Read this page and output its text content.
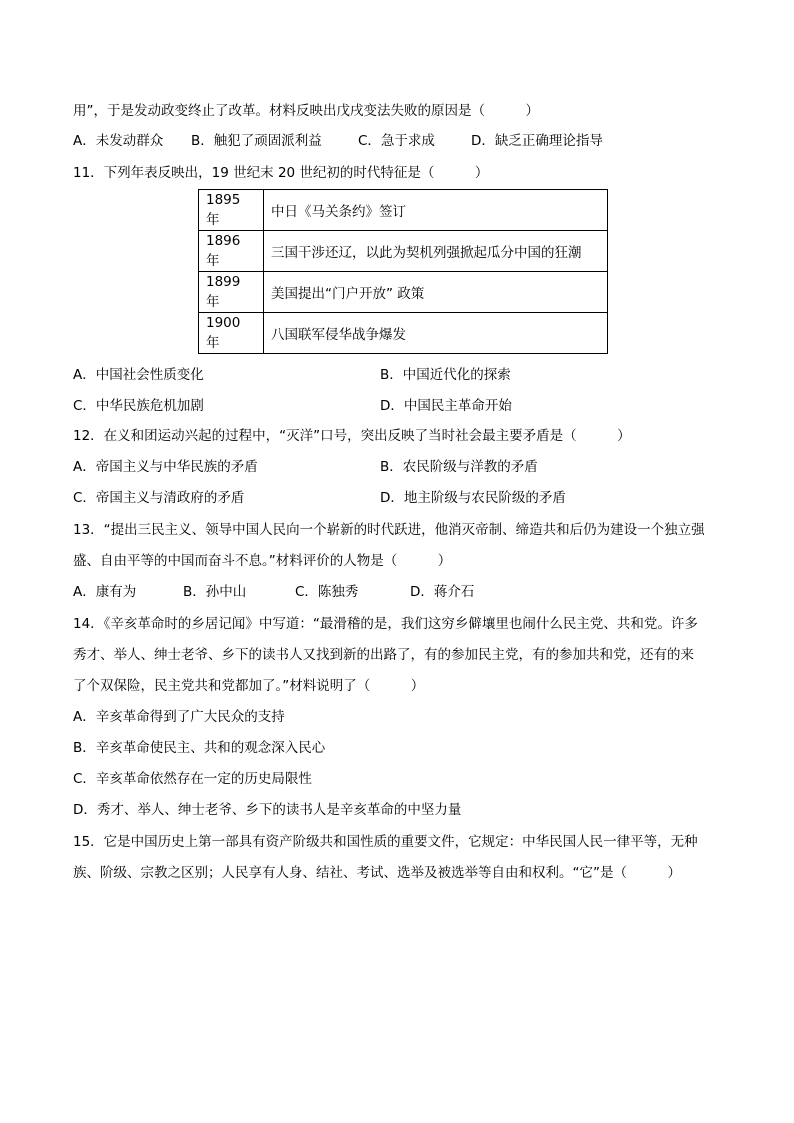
用”，于是发动政变终止了改革。材料反映出戊戌变法失败的原因是（　　　）
A．未发动群众 B．触犯了顽固派利益	C．急于求成	D．缺乏正确理论指导
11．下列年表反映出，19 世纪末 20 世纪初的时代特征是（　　　）
1895 年	中日《马关条约》签订
1896 年	三国干涉还辽，以此为契机列强掀起瓜分中国的狂潮
1899 年	美国提出“门户开放” 政策
1900 年	八国联军侵华战争爆发
A．中国社会性质变化	B．中国近代化的探索
C．中华民族危机加剧	D．中国民主革命开始
12．在义和团运动兴起的过程中，“灭洋”口号，突出反映了当时社会最主要矛盾是（　　　）
A．帝国主义与中华民族的矛盾	B．农民阶级与洋教的矛盾
C．帝国主义与清政府的矛盾	D．地主阶级与农民阶级的矛盾
13．“提出三民主义、领导中国人民向一个崭新的时代跃进，他消灭帝制、缔造共和后仍为建设一个独立强
盛、自由平等的中国而奋斗不息。”材料评价的人物是（　　　）
A．康有为	B．孙中山	C．陈独秀	D．蒋介石
14．《辛亥革命时的乡居记闻》中写道：“最滑稽的是，我们这穷乡僻壤里也闹什么民主党、共和党。许多
秀才、举人、绅士老爷、乡下的读书人又找到新的出路了，有的参加民主党，有的参加共和党，还有的来
了个双保险，民主党共和党都加了。”材料说明了（　　　）
A．辛亥革命得到了广大民众的支持
B．辛亥革命使民主、共和的观念深入民心
C．辛亥革命依然存在一定的历史局限性
D．秀才、举人、绅士老爷、乡下的读书人是辛亥革命的中坚力量
15．它是中国历史上第一部具有资产阶级共和国性质的重要文件，它规定：中华民国人民一律平等，无种
族、阶级、宗教之区别；人民享有人身、结社、考试、选举及被选举等自由和权利。“它”是（　　　）
